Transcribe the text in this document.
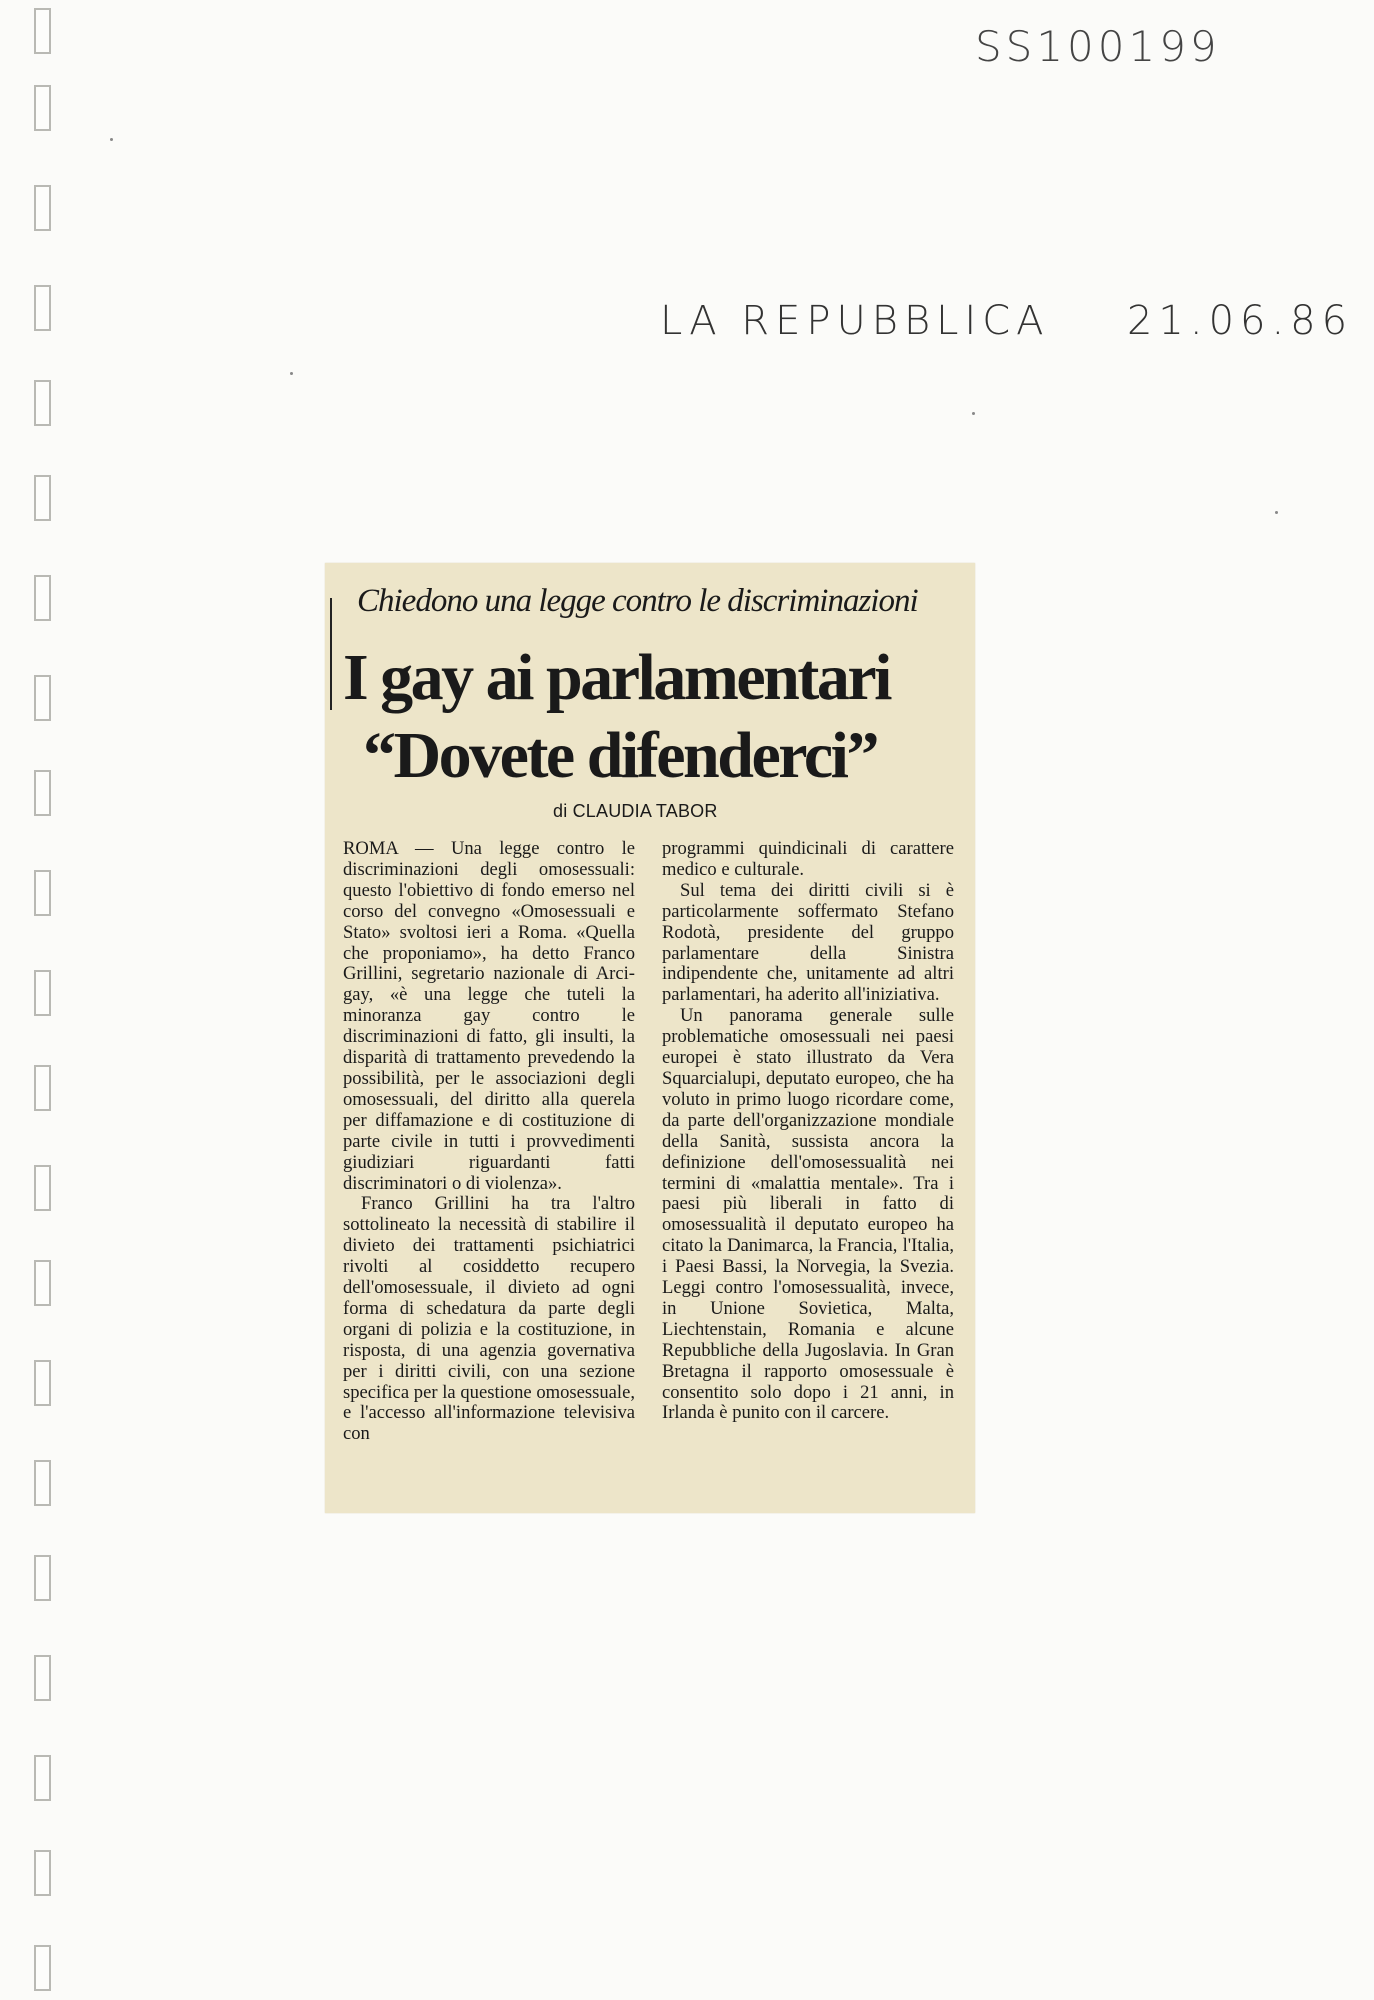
SS100199
LA REPUBBLICA 21.06.86

Chiedono una legge contro le discriminazioni
I gay ai parlamentari
“Dovete difenderci”
di CLAUDIA TABOR

ROMA — Una legge contro le discriminazioni degli omosessuali: questo l'obiettivo di fondo emerso nel corso del convegno «Omosessuali e Stato» svoltosi ieri a Roma. «Quella che proponiamo», ha detto Franco Grillini, segretario nazionale di Arci-gay, «è una legge che tuteli la minoranza gay contro le discriminazioni di fatto, gli insulti, la disparità di trattamento prevedendo la possibilità, per le associazioni degli omosessuali, del diritto alla querela per diffamazione e di costituzione di parte civile in tutti i provvedimenti giudiziari riguardanti fatti discriminatori o di violenza».

Franco Grillini ha tra l'altro sottolineato la necessità di stabilire il divieto dei trattamenti psichiatrici rivolti al cosiddetto recupero dell'omosessuale, il divieto ad ogni forma di schedatura da parte degli organi di polizia e la costituzione, in risposta, di una agenzia governativa per i diritti civili, con una sezione specifica per la questione omosessuale, e l'accesso all'informazione televisiva con

programmi quindicinali di carattere medico e culturale.

Sul tema dei diritti civili si è particolarmente soffermato Stefano Rodotà, presidente del gruppo parlamentare della Sinistra indipendente che, unitamente ad altri parlamentari, ha aderito all'iniziativa.

Un panorama generale sulle problematiche omosessuali nei paesi europei è stato illustrato da Vera Squarcialupi, deputato europeo, che ha voluto in primo luogo ricordare come, da parte dell'organizzazione mondiale della Sanità, sussista ancora la definizione dell'omosessualità nei termini di «malattia mentale». Tra i paesi più liberali in fatto di omosessualità il deputato europeo ha citato la Danimarca, la Francia, l'Italia, i Paesi Bassi, la Norvegia, la Svezia. Leggi contro l'omosessualità, invece, in Unione Sovietica, Malta, Liechtenstain, Romania e alcune Repubbliche della Jugoslavia. In Gran Bretagna il rapporto omosessuale è consentito solo dopo i 21 anni, in Irlanda è punito con il carcere.
